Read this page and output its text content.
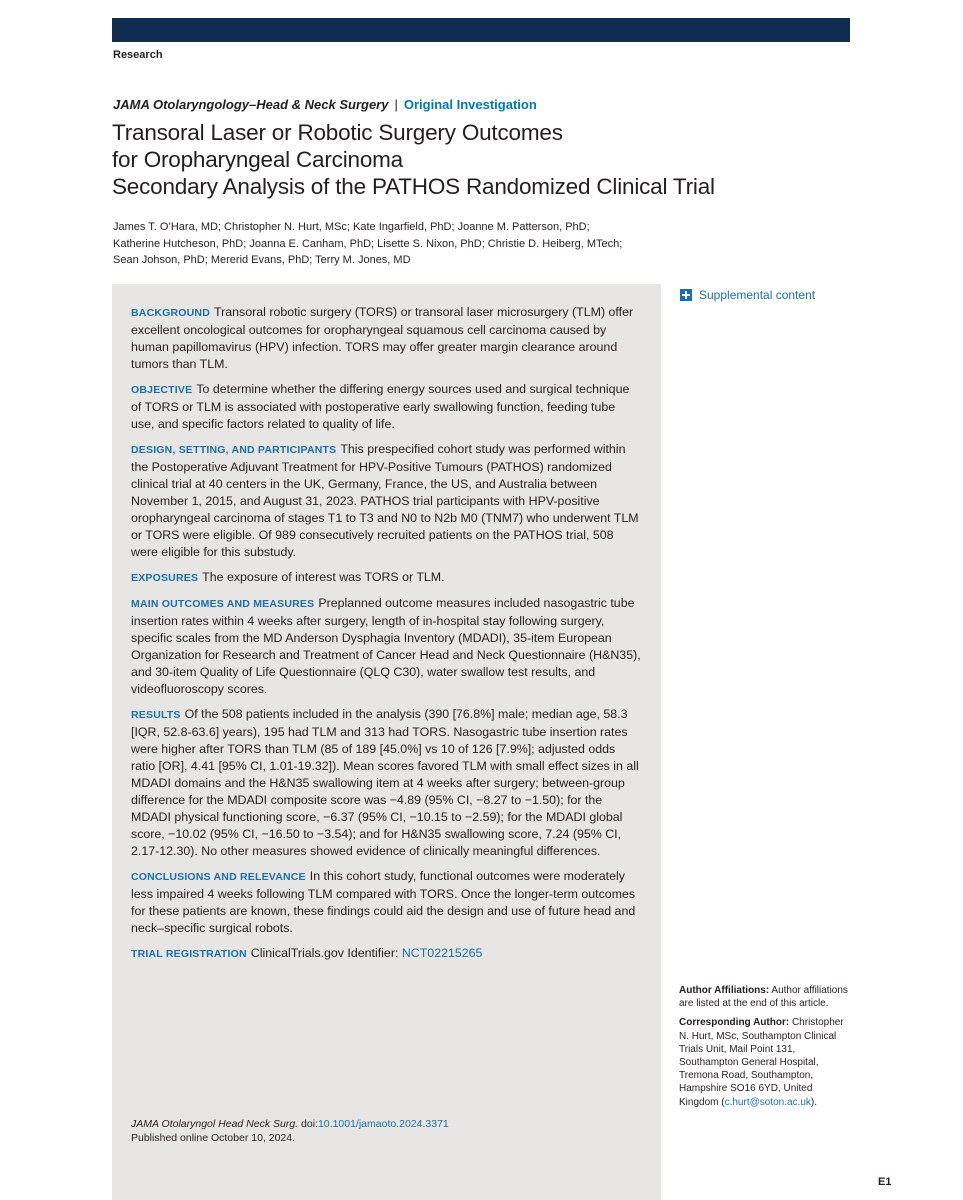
Research
JAMA Otolaryngology–Head & Neck Surgery | Original Investigation
Transoral Laser or Robotic Surgery Outcomes
for Oropharyngeal Carcinoma
Secondary Analysis of the PATHOS Randomized Clinical Trial
James T. O’Hara, MD; Christopher N. Hurt, MSc; Kate Ingarfield, PhD; Joanne M. Patterson, PhD;
Katherine Hutcheson, PhD; Joanna E. Canham, PhD; Lisette S. Nixon, PhD; Christie D. Heiberg, MTech;
Sean Johson, PhD; Mererid Evans, PhD; Terry M. Jones, MD

BACKGROUND Transoral robotic surgery (TORS) or transoral laser microsurgery (TLM) offer excellent oncological outcomes for oropharyngeal squamous cell carcinoma caused by human papillomavirus (HPV) infection. TORS may offer greater margin clearance around tumors than TLM.

OBJECTIVE To determine whether the differing energy sources used and surgical technique of TORS or TLM is associated with postoperative early swallowing function, feeding tube use, and specific factors related to quality of life.

DESIGN, SETTING, AND PARTICIPANTS This prespecified cohort study was performed within the Postoperative Adjuvant Treatment for HPV-Positive Tumours (PATHOS) randomized clinical trial at 40 centers in the UK, Germany, France, the US, and Australia between November 1, 2015, and August 31, 2023. PATHOS trial participants with HPV-positive oropharyngeal carcinoma of stages T1 to T3 and N0 to N2b M0 (TNM7) who underwent TLM or TORS were eligible. Of 989 consecutively recruited patients on the PATHOS trial, 508 were eligible for this substudy.

EXPOSURES The exposure of interest was TORS or TLM.

MAIN OUTCOMES AND MEASURES Preplanned outcome measures included nasogastric tube insertion rates within 4 weeks after surgery, length of in-hospital stay following surgery, specific scales from the MD Anderson Dysphagia Inventory (MDADI), 35-item European Organization for Research and Treatment of Cancer Head and Neck Questionnaire (H&N35), and 30-item Quality of Life Questionnaire (QLQ C30), water swallow test results, and videofluoroscopy scores.

RESULTS Of the 508 patients included in the analysis (390 [76.8%] male; median age, 58.3 [IQR, 52.8-63.6] years), 195 had TLM and 313 had TORS. Nasogastric tube insertion rates were higher after TORS than TLM (85 of 189 [45.0%] vs 10 of 126 [7.9%]; adjusted odds ratio [OR], 4.41 [95% CI, 1.01-19.32]). Mean scores favored TLM with small effect sizes in all MDADI domains and the H&N35 swallowing item at 4 weeks after surgery; between-group difference for the MDADI composite score was −4.89 (95% CI, −8.27 to −1.50); for the MDADI physical functioning score, −6.37 (95% CI, −10.15 to −2.59); for the MDADI global score, −10.02 (95% CI, −16.50 to −3.54); and for H&N35 swallowing score, 7.24 (95% CI, 2.17-12.30). No other measures showed evidence of clinically meaningful differences.

CONCLUSIONS AND RELEVANCE In this cohort study, functional outcomes were moderately less impaired 4 weeks following TLM compared with TORS. Once the longer-term outcomes for these patients are known, these findings could aid the design and use of future head and neck–specific surgical robots.

TRIAL REGISTRATION ClinicalTrials.gov Identifier: NCT02215265

JAMA Otolaryngol Head Neck Surg. doi:10.1001/jamaoto.2024.3371
Published online October 10, 2024.
Supplemental content

Author Affiliations: Author affiliations are listed at the end of this article.

Corresponding Author: Christopher N. Hurt, MSc, Southampton Clinical Trials Unit, Mail Point 131, Southampton General Hospital, Tremona Road, Southampton, Hampshire SO16 6YD, United Kingdom (c.hurt@soton.ac.uk).

E1
